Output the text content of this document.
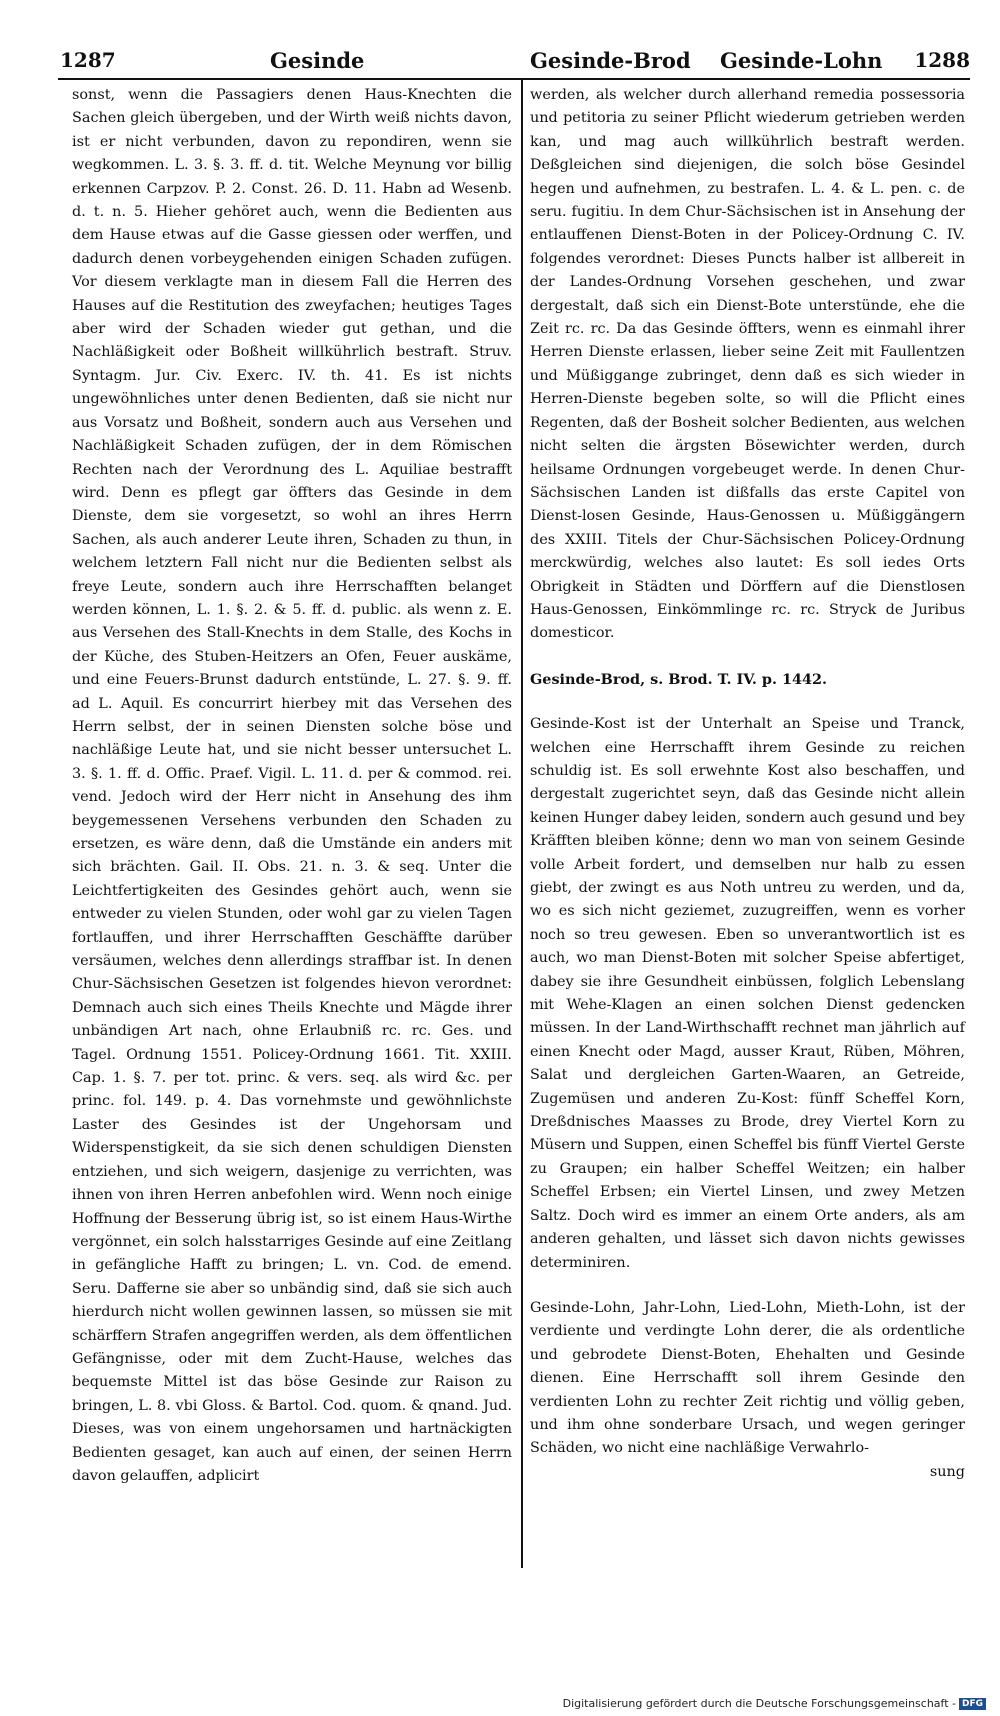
1287	Gesinde	Gesinde-Brod Gesinde-Lohn 1288

sonst, wenn die Passagiers denen Haus-Knechten die Sachen gleich übergeben, und der Wirth weiß nichts davon, ist er nicht verbunden, davon zu repondiren, wenn sie wegkommen. L. 3. §. 3. ff. d. tit. Welche Meynung vor billig erkennen Carpzov. P. 2. Const. 26. D. 11. Habn ad Wesenb. d. t. n. 5. Hieher gehöret auch, wenn die Bedienten aus dem Hause etwas auf die Gasse giessen oder werffen, und dadurch denen vorbeygehenden einigen Schaden zufügen. Vor diesem verklagte man in diesem Fall die Herren des Hauses auf die Restitution des zweyfachen; heutiges Tages aber wird der Schaden wieder gut gethan, und die Nachläßigkeit oder Boßheit willkührlich bestraft. Struv. Syntagm. Jur. Civ. Exerc. IV. th. 41. Es ist nichts ungewöhnliches unter denen Bedienten, daß sie nicht nur aus Vorsatz und Boßheit, sondern auch aus Versehen und Nachläßigkeit Schaden zufügen, der in dem Römischen Rechten nach der Verordnung des L. Aquiliae bestrafft wird. Denn es pflegt gar öffters das Gesinde in dem Dienste, dem sie vorgesetzt, so wohl an ihres Herrn Sachen, als auch anderer Leute ihren, Schaden zu thun, in welchem letztern Fall nicht nur die Bedienten selbst als freye Leute, sondern auch ihre Herrschafften belanget werden können, L. 1. §. 2. & 5. ff. d. public. als wenn z. E. aus Versehen des Stall-Knechts in dem Stalle, des Kochs in der Küche, des Stuben-Heitzers an Ofen, Feuer auskäme, und eine Feuers-Brunst dadurch entstünde, L. 27. §. 9. ff. ad L. Aquil. Es concurrirt hierbey mit das Versehen des Herrn selbst, der in seinen Diensten solche böse und nachläßige Leute hat, und sie nicht besser untersuchet L. 3. §. 1. ff. d. Offic. Praef. Vigil. L. 11. d. per & commod. rei. vend. Jedoch wird der Herr nicht in Ansehung des ihm beygemessenen Versehens verbunden den Schaden zu ersetzen, es wäre denn, daß die Umstände ein anders mit sich brächten. Gail. II. Obs. 21. n. 3. & seq. Unter die Leichtfertigkeiten des Gesindes gehört auch, wenn sie entweder zu vielen Stunden, oder wohl gar zu vielen Tagen fortlauffen, und ihrer Herrschafften Geschäffte darüber versäumen, welches denn allerdings straffbar ist. In denen Chur-Sächsischen Gesetzen ist folgendes hievon verordnet: Demnach auch sich eines Theils Knechte und Mägde ihrer unbändigen Art nach, ohne Erlaubniß rc. rc. Ges. und Tagel. Ordnung 1551. Policey-Ordnung 1661. Tit. XXIII. Cap. 1. §. 7. per tot. princ. & vers. seq. als wird &c. per princ. fol. 149. p. 4. Das vornehmste und gewöhnlichste Laster des Gesindes ist der Ungehorsam und Widerspenstigkeit, da sie sich denen schuldigen Diensten entziehen, und sich weigern, dasjenige zu verrichten, was ihnen von ihren Herren anbefohlen wird. Wenn noch einige Hoffnung der Besserung übrig ist, so ist einem Haus-Wirthe vergönnet, ein solch halsstarriges Gesinde auf eine Zeitlang in gefängliche Hafft zu bringen; L. vn. Cod. de emend. Seru. Dafferne sie aber so unbändig sind, daß sie sich auch hierdurch nicht wollen gewinnen lassen, so müssen sie mit schärffern Strafen angegriffen werden, als dem öffentlichen Gefängnisse, oder mit dem Zucht-Hause, welches das bequemste Mittel ist das böse Gesinde zur Raison zu bringen, L. 8. vbi Gloss. & Bartol. Cod. quom. & qnand. Jud. Dieses, was von einem ungehorsamen und hartnäckigten Bedienten gesaget, kan auch auf einen, der seinen Herrn davon gelauffen, adplicirt

werden, als welcher durch allerhand remedia possessoria und petitoria zu seiner Pflicht wiederum getrieben werden kan, und mag auch willkührlich bestraft werden. Deßgleichen sind diejenigen, die solch böse Gesindel hegen und aufnehmen, zu bestrafen. L. 4. & L. pen. c. de seru. fugitiu. In dem Chur-Sächsischen ist in Ansehung der entlauffenen Dienst-Boten in der Policey-Ordnung C. IV. folgendes verordnet: Dieses Puncts halber ist allbereit in der Landes-Ordnung Vorsehen geschehen, und zwar dergestalt, daß sich ein Dienst-Bote unterstünde, ehe die Zeit rc. rc. Da das Gesinde öffters, wenn es einmahl ihrer Herren Dienste erlassen, lieber seine Zeit mit Faullentzen und Müßiggange zubringet, denn daß es sich wieder in Herren-Dienste begeben solte, so will die Pflicht eines Regenten, daß der Bosheit solcher Bedienten, aus welchen nicht selten die ärgsten Bösewichter werden, durch heilsame Ordnungen vorgebeuget werde. In denen Chur-Sächsischen Landen ist dißfalls das erste Capitel von Dienst-losen Gesinde, Haus-Genossen u. Müßiggängern des XXIII. Titels der Chur-Sächsischen Policey-Ordnung merckwürdig, welches also lautet: Es soll iedes Orts Obrigkeit in Städten und Dörffern auf die Dienstlosen Haus-Genossen, Einkömmlinge rc. rc. Stryck de Juribus domesticor.

Gesinde-Brod, s. Brod. T. IV. p. 1442.

Gesinde-Kost ist der Unterhalt an Speise und Tranck, welchen eine Herrschafft ihrem Gesinde zu reichen schuldig ist. Es soll erwehnte Kost also beschaffen, und dergestalt zugerichtet seyn, daß das Gesinde nicht allein keinen Hunger dabey leiden, sondern auch gesund und bey Kräfften bleiben könne; denn wo man von seinem Gesinde volle Arbeit fordert, und demselben nur halb zu essen giebt, der zwingt es aus Noth untreu zu werden, und da, wo es sich nicht geziemet, zuzugreiffen, wenn es vorher noch so treu gewesen. Eben so unverantwortlich ist es auch, wo man Dienst-Boten mit solcher Speise abfertiget, dabey sie ihre Gesundheit einbüssen, folglich Lebenslang mit Wehe-Klagen an einen solchen Dienst gedencken müssen. In der Land-Wirthschafft rechnet man jährlich auf einen Knecht oder Magd, ausser Kraut, Rüben, Möhren, Salat und dergleichen Garten-Waaren, an Getreide, Zugemüsen und anderen Zu-Kost: fünff Scheffel Korn, Dreßdnisches Maasses zu Brode, drey Viertel Korn zu Müsern und Suppen, einen Scheffel bis fünff Viertel Gerste zu Graupen; ein halber Scheffel Weitzen; ein halber Scheffel Erbsen; ein Viertel Linsen, und zwey Metzen Saltz. Doch wird es immer an einem Orte anders, als am anderen gehalten, und lässet sich davon nichts gewisses determiniren.

Gesinde-Lohn, Jahr-Lohn, Lied-Lohn, Mieth-Lohn, ist der verdiente und verdingte Lohn derer, die als ordentliche und gebrodete Dienst-Boten, Ehehalten und Gesinde dienen. Eine Herrschafft soll ihrem Gesinde den verdienten Lohn zu rechter Zeit richtig und völlig geben, und ihm ohne sonderbare Ursach, und wegen geringer Schäden, wo nicht eine nachläßige Verwahrlo-

sung

Digitalisierung gefördert durch die Deutsche Forschungsgemeinschaft - DFG
